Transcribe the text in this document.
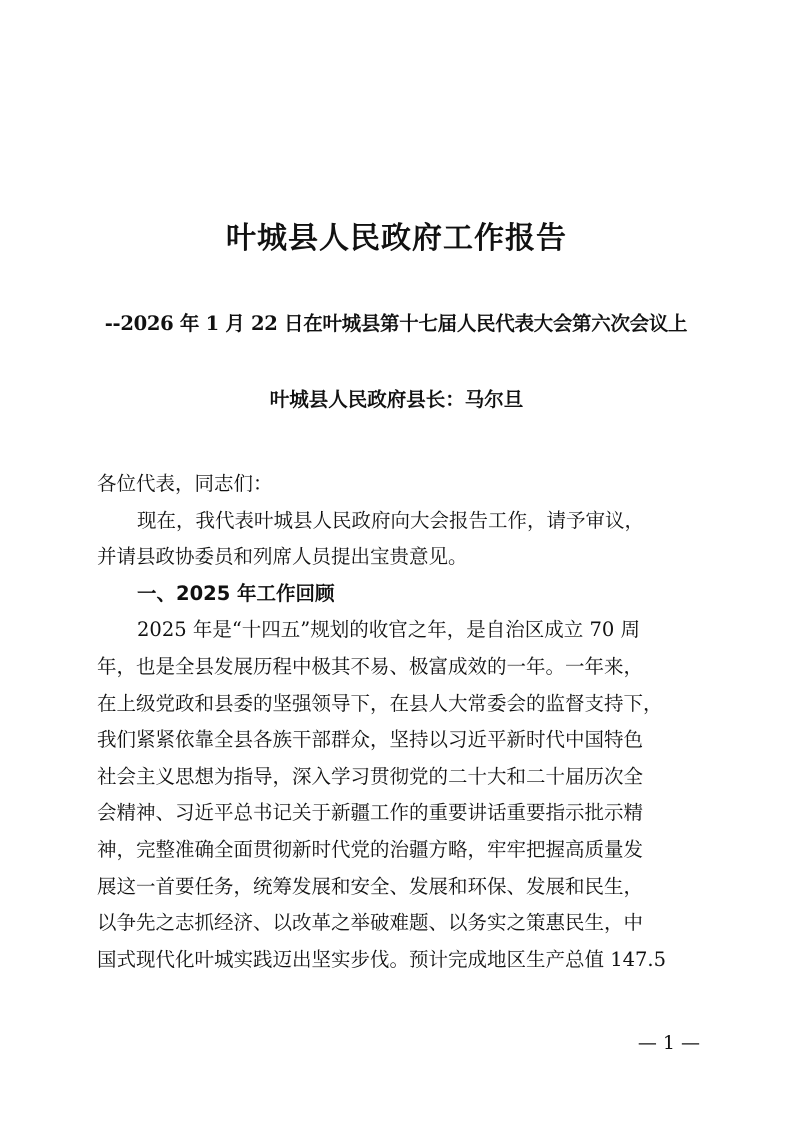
叶城县人民政府工作报告
--2026 年 1 月 22 日在叶城县第十七届人民代表大会第六次会议上
叶城县人民政府县长：马尔旦
各位代表，同志们：
现在，我代表叶城县人民政府向大会报告工作，请予审议，
并请县政协委员和列席人员提出宝贵意见。
一、2025 年工作回顾
2025 年是“十四五”规划的收官之年，是自治区成立 70 周
年，也是全县发展历程中极其不易、极富成效的一年。一年来，
在上级党政和县委的坚强领导下，在县人大常委会的监督支持下，
我们紧紧依靠全县各族干部群众，坚持以习近平新时代中国特色
社会主义思想为指导，深入学习贯彻党的二十大和二十届历次全
会精神、习近平总书记关于新疆工作的重要讲话重要指示批示精
神，完整准确全面贯彻新时代党的治疆方略，牢牢把握高质量发
展这一首要任务，统筹发展和安全、发展和环保、发展和民生，
以争先之志抓经济、以改革之举破难题、以务实之策惠民生，中
国式现代化叶城实践迈出坚实步伐。预计完成地区生产总值 147.5
— 1 —
